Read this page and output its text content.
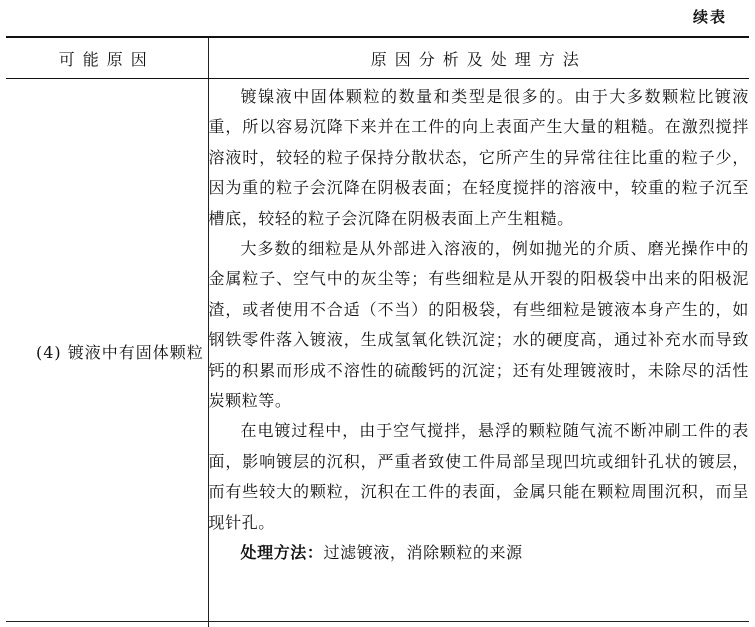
续表
可能原因	原因分析及处理方法

(4) 镀液中有固体颗粒	镀镍液中固体颗粒的数量和类型是很多的。由于大多数颗粒比镀液重，所以容易沉降下来并在工件的向上表面产生大量的粗糙。在激烈搅拌溶液时，较轻的粒子保持分散状态，它所产生的异常往往比重的粒子少，因为重的粒子会沉降在阴极表面；在轻度搅拌的溶液中，较重的粒子沉至槽底，较轻的粒子会沉降在阴极表面上产生粗糙。

大多数的细粒是从外部进入溶液的，例如抛光的介质、磨光操作中的金属粒子、空气中的灰尘等；有些细粒是从开裂的阳极袋中出来的阳极泥渣，或者使用不合适（不当）的阳极袋，有些细粒是镀液本身产生的，如钢铁零件落入镀液，生成氢氧化铁沉淀；水的硬度高，通过补充水而导致钙的积累而形成不溶性的硫酸钙的沉淀；还有处理镀液时，未除尽的活性炭颗粒等。

在电镀过程中，由于空气搅拌，悬浮的颗粒随气流不断冲刷工件的表面，影响镀层的沉积，严重者致使工件局部呈现凹坑或细针孔状的镀层，而有些较大的颗粒，沉积在工件的表面，金属只能在颗粒周围沉积，而呈现针孔。

处理方法：过滤镀液，消除颗粒的来源
